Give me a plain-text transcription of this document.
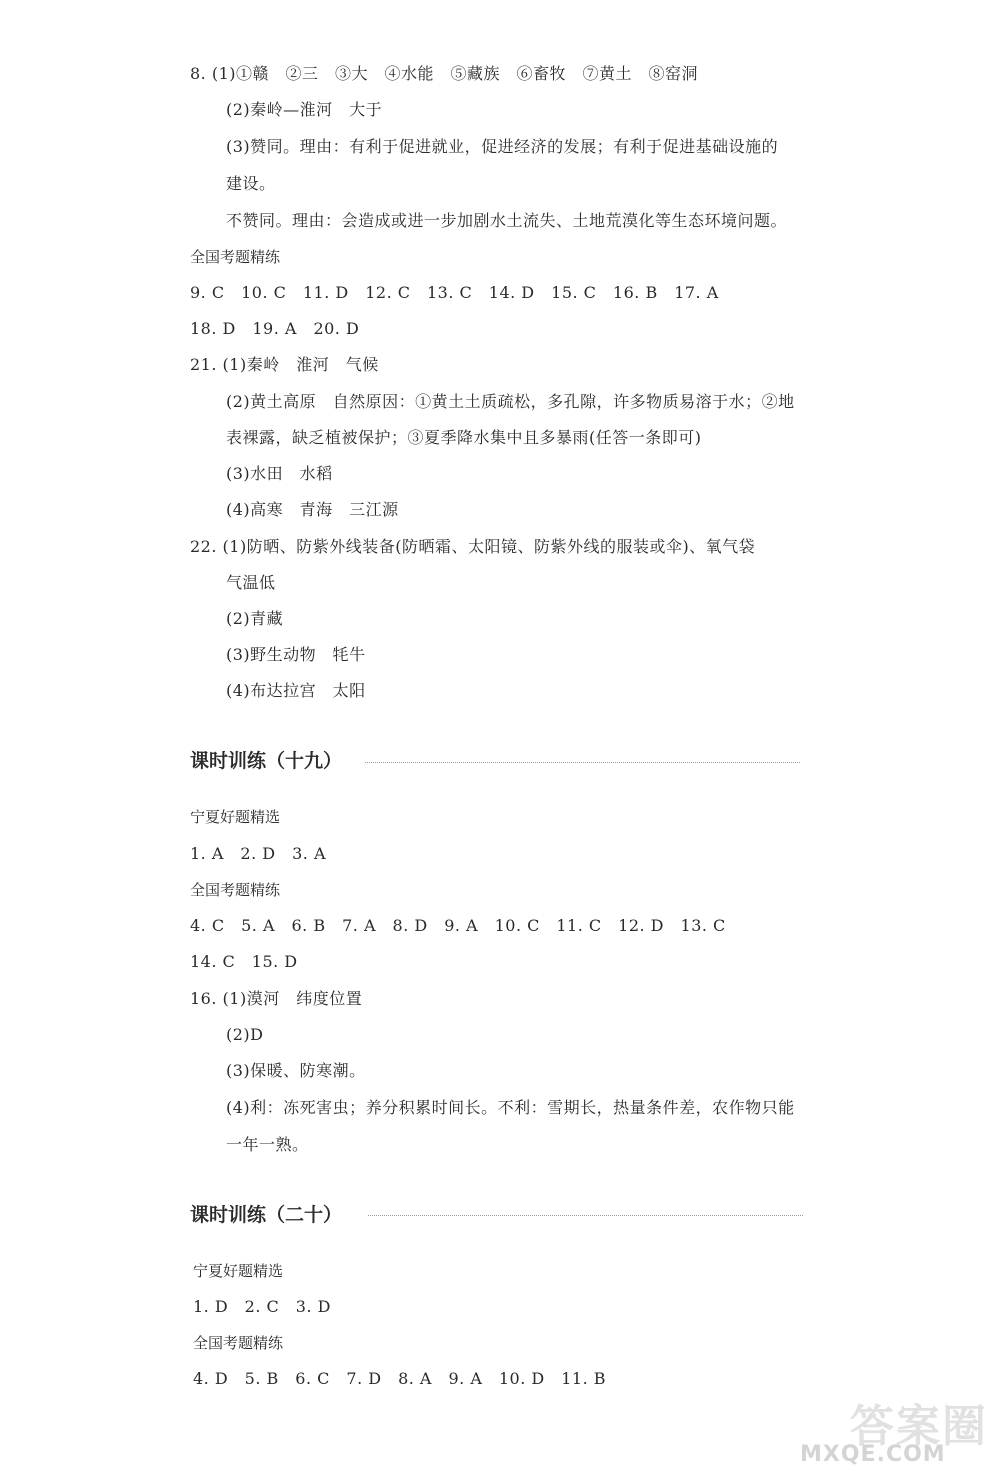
8. (1)①赣　②三　③大　④水能　⑤藏族　⑥畜牧　⑦黄土　⑧窑洞
(2)秦岭—淮河　大于
(3)赞同。理由：有利于促进就业，促进经济的发展；有利于促进基础设施的
建设。
不赞同。理由：会造成或进一步加剧水土流失、土地荒漠化等生态环境问题。
全国考题精练
9. C　10. C　11. D　12. C　13. C　14. D　15. C　16. B　17. A
18. D　19. A　20. D
21. (1)秦岭　淮河　气候
(2)黄土高原　自然原因：①黄土土质疏松，多孔隙，许多物质易溶于水；②地
表裸露，缺乏植被保护；③夏季降水集中且多暴雨(任答一条即可)
(3)水田　水稻
(4)高寒　青海　三江源
22. (1)防晒、防紫外线装备(防晒霜、太阳镜、防紫外线的服装或伞)、氧气袋
气温低
(2)青藏
(3)野生动物　牦牛
(4)布达拉宫　太阳
课时训练（十九）
宁夏好题精选
1. A　2. D　3. A
全国考题精练
4. C　5. A　6. B　7. A　8. D　9. A　10. C　11. C　12. D　13. C
14. C　15. D
16. (1)漠河　纬度位置
(2)D
(3)保暖、防寒潮。
(4)利：冻死害虫；养分积累时间长。不利：雪期长，热量条件差，农作物只能
一年一熟。
课时训练（二十）
宁夏好题精选
1. D　2. C　3. D
全国考题精练
4. D　5. B　6. C　7. D　8. A　9. A　10. D　11. B
答案圈
MXQE.COM
